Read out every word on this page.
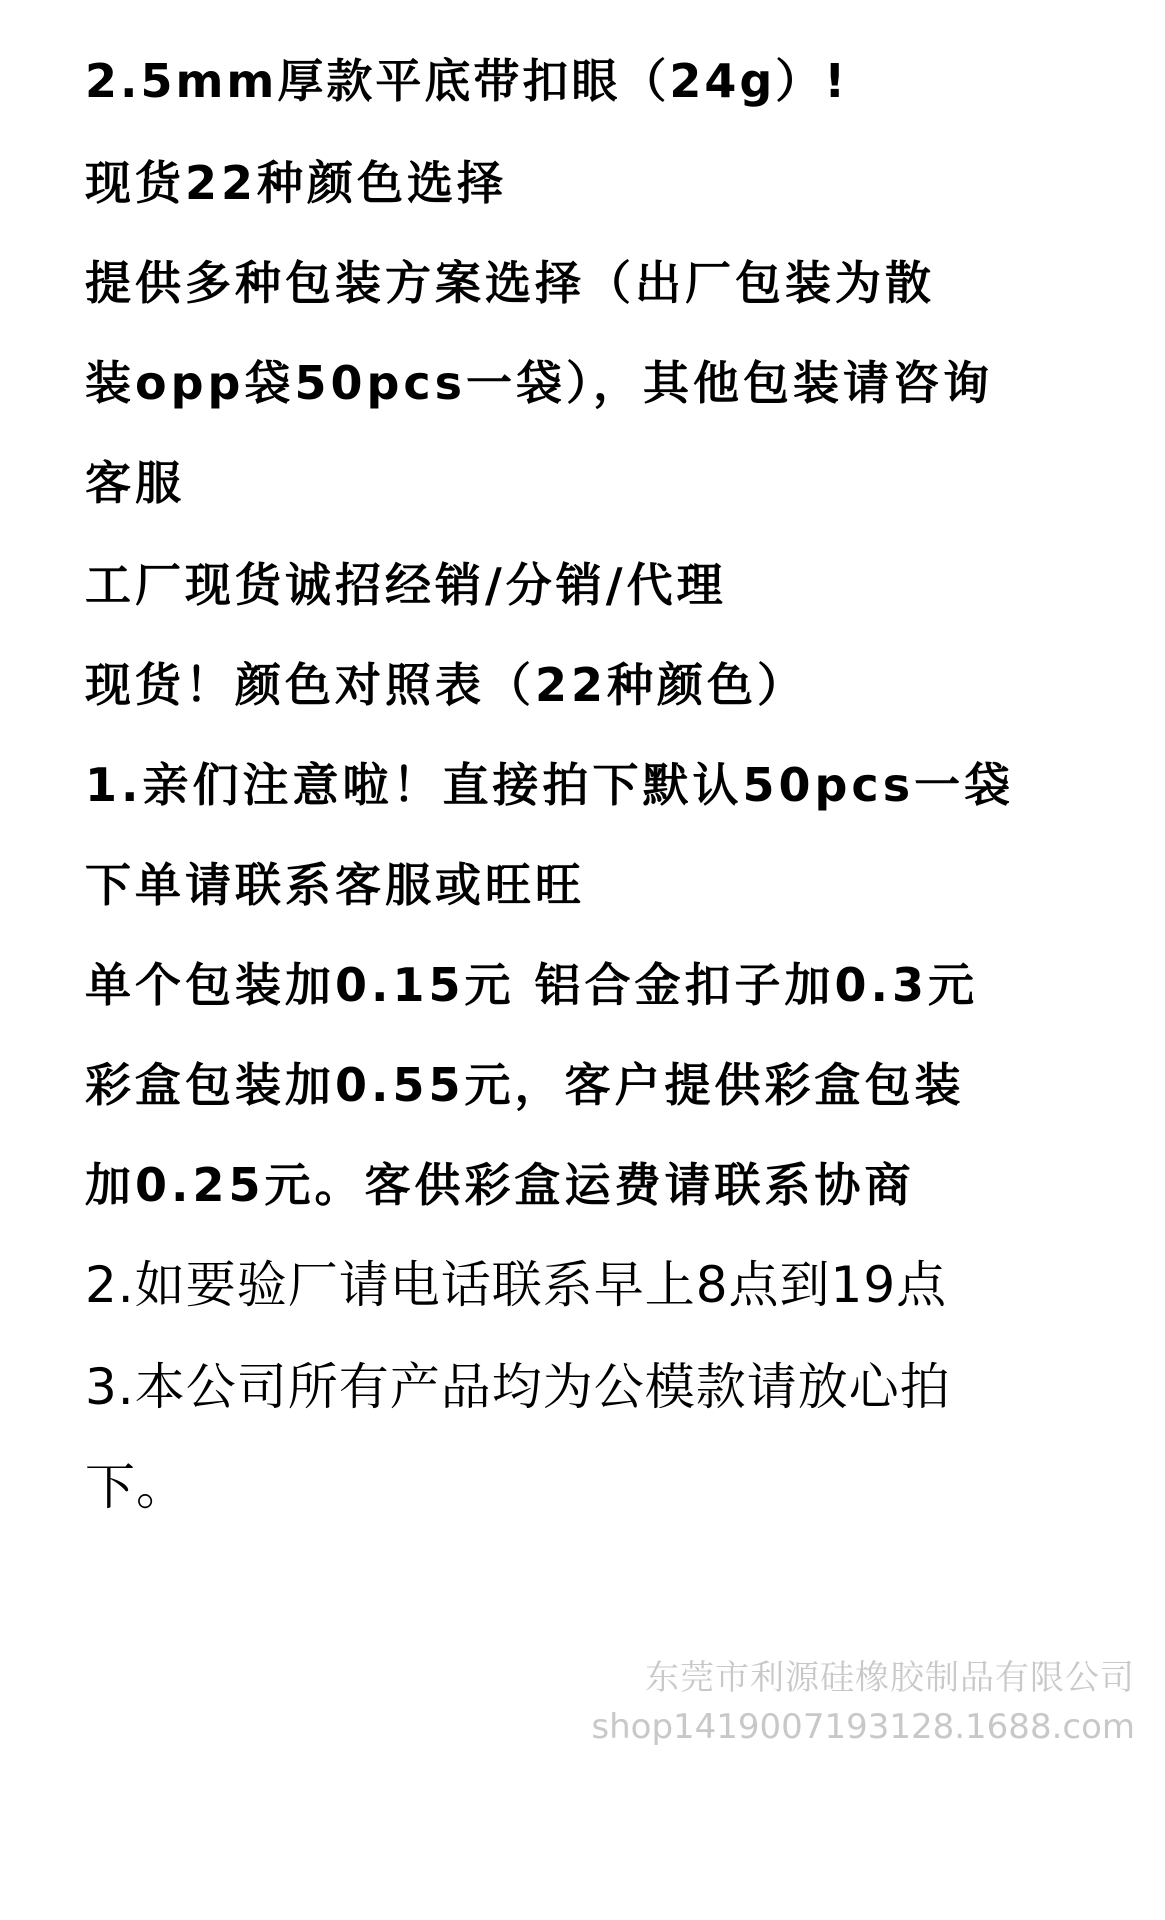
2.5mm厚款平底带扣眼（24g）!
现货22种颜色选择
提供多种包装方案选择（出厂包装为散
装opp袋50pcs一袋），其他包装请咨询
客服
工厂现货诚招经销/分销/代理
现货！颜色对照表（22种颜色）
1.亲们注意啦！直接拍下默认50pcs一袋
下单请联系客服或旺旺
单个包装加0.15元 铝合金扣子加0.3元
彩盒包装加0.55元，客户提供彩盒包装
加0.25元。客供彩盒运费请联系协商
2.如要验厂请电话联系早上8点到19点
3.本公司所有产品均为公模款请放心拍
下。
东莞市利源硅橡胶制品有限公司
shop1419007193128.1688.com
